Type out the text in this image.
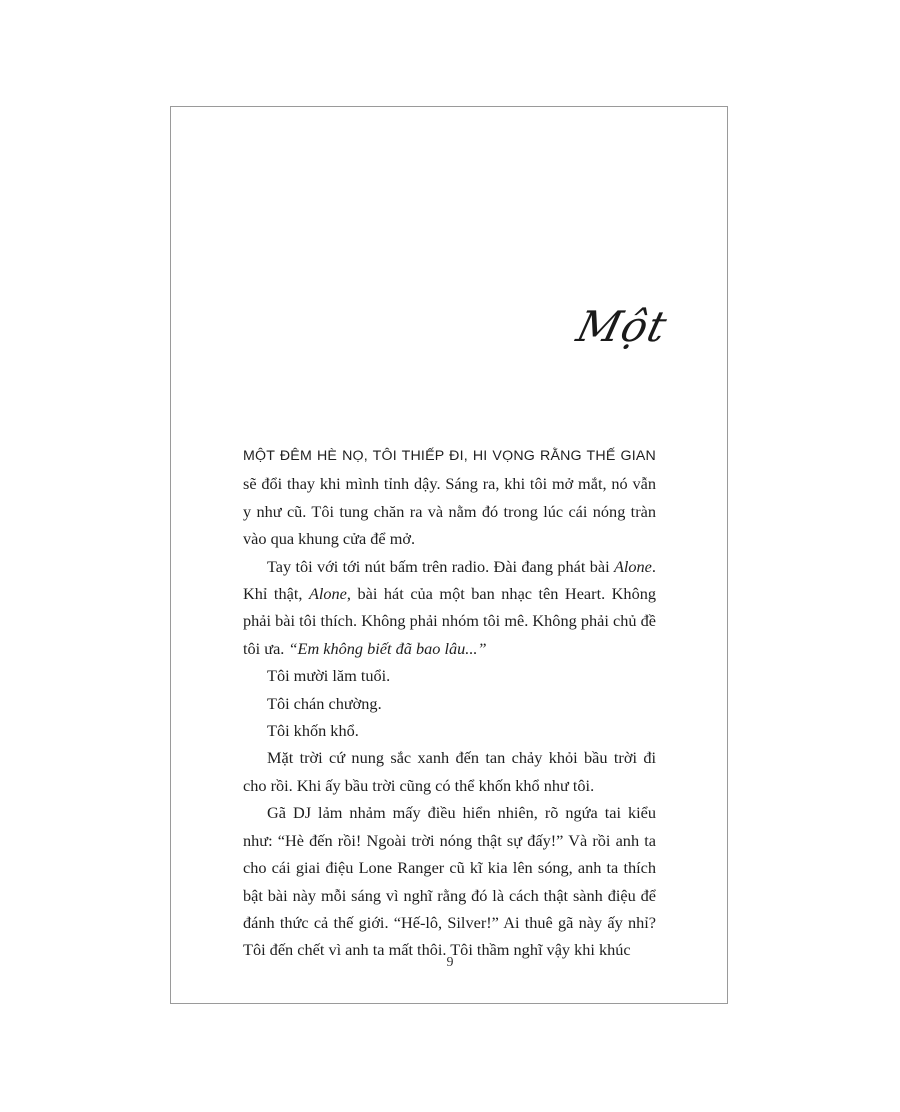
Một

MỘT ĐÊM HÈ NỌ, TÔI THIẾP ĐI, HI VỌNG RẰNG THẾ GIAN sẽ đổi thay khi mình tỉnh dậy. Sáng ra, khi tôi mở mắt, nó vẫn y như cũ. Tôi tung chăn ra và nằm đó trong lúc cái nóng tràn vào qua khung cửa để mở.

Tay tôi với tới nút bấm trên radio. Đài đang phát bài Alone. Khỉ thật, Alone, bài hát của một ban nhạc tên Heart. Không phải bài tôi thích. Không phải nhóm tôi mê. Không phải chủ đề tôi ưa. “Em không biết đã bao lâu...”

Tôi mười lăm tuổi.

Tôi chán chường.

Tôi khốn khổ.

Mặt trời cứ nung sắc xanh đến tan chảy khỏi bầu trời đi cho rồi. Khi ấy bầu trời cũng có thể khốn khổ như tôi.

Gã DJ lảm nhảm mấy điều hiển nhiên, rõ ngứa tai kiểu như: “Hè đến rồi! Ngoài trời nóng thật sự đấy!” Và rồi anh ta cho cái giai điệu Lone Ranger cũ kĩ kia lên sóng, anh ta thích bật bài này mỗi sáng vì nghĩ rằng đó là cách thật sành điệu để đánh thức cả thế giới. “Hế-lô, Silver!” Ai thuê gã này ấy nhỉ? Tôi đến chết vì anh ta mất thôi. Tôi thầm nghĩ vậy khi khúc

9
